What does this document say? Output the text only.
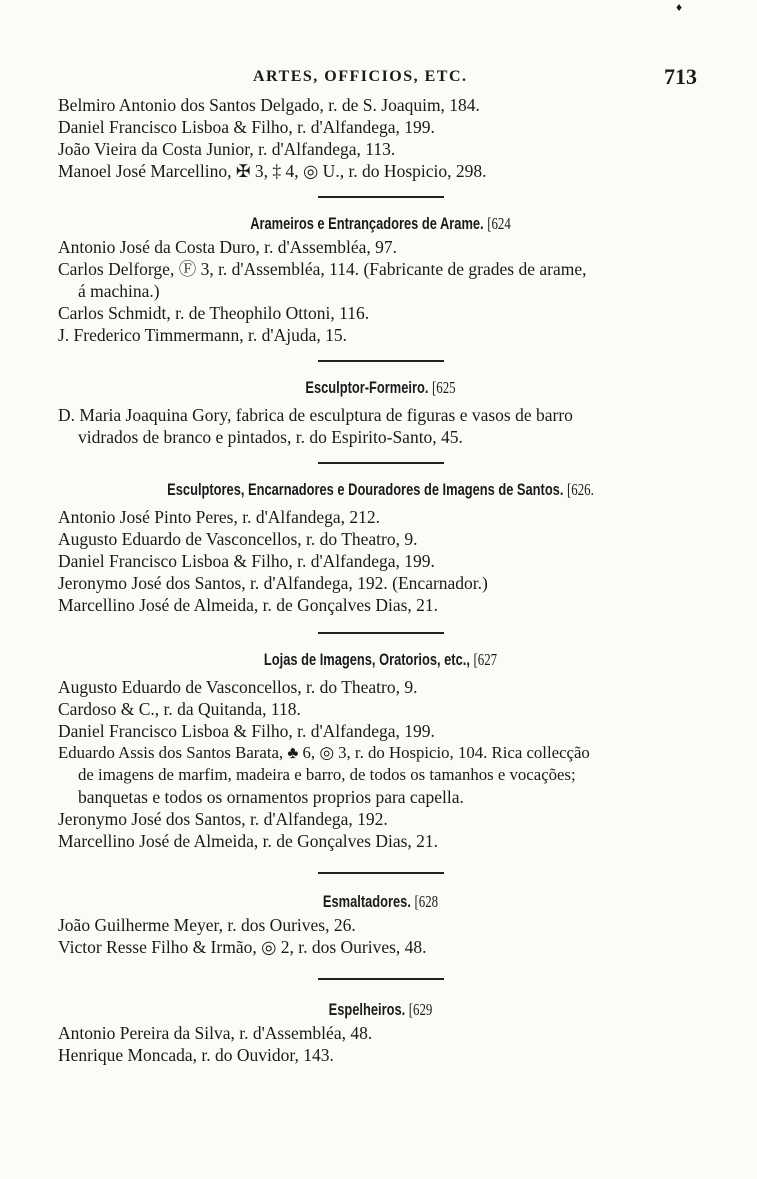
♦
ARTES, OFFICIOS, ETC.	713
Belmiro Antonio dos Santos Delgado, r. de S. Joaquim, 184.
Daniel Francisco Lisboa & Filho, r. d'Alfandega, 199.
João Vieira da Costa Junior, r. d'Alfandega, 113.
Manoel José Marcellino, ✠ 3, ‡ 4, ◎ U., r. do Hospicio, 298.
Arameiros e Entrançadores de Arame. [624
Antonio José da Costa Duro, r. d'Assembléa, 97.
Carlos Delforge, Ⓕ 3, r. d'Assembléa, 114. (Fabricante de grades de arame,
á machina.)
Carlos Schmidt, r. de Theophilo Ottoni, 116.
J. Frederico Timmermann, r. d'Ajuda, 15.
Esculptor-Formeiro. [625
D. Maria Joaquina Gory, fabrica de esculptura de figuras e vasos de barro
vidrados de branco e pintados, r. do Espirito-Santo, 45.
Esculptores, Encarnadores e Douradores de Imagens de Santos. [626.
Antonio José Pinto Peres, r. d'Alfandega, 212.
Augusto Eduardo de Vasconcellos, r. do Theatro, 9.
Daniel Francisco Lisboa & Filho, r. d'Alfandega, 199.
Jeronymo José dos Santos, r. d'Alfandega, 192. (Encarnador.)
Marcellino José de Almeida, r. de Gonçalves Dias, 21.
Lojas de Imagens, Oratorios, etc., [627
Augusto Eduardo de Vasconcellos, r. do Theatro, 9.
Cardoso & C., r. da Quitanda, 118.
Daniel Francisco Lisboa & Filho, r. d'Alfandega, 199.
Eduardo Assis dos Santos Barata, ♣ 6, ◎ 3, r. do Hospicio, 104. Rica collecção
de imagens de marfim, madeira e barro, de todos os tamanhos e vocações;
banquetas e todos os ornamentos proprios para capella.
Jeronymo José dos Santos, r. d'Alfandega, 192.
Marcellino José de Almeida, r. de Gonçalves Dias, 21.
Esmaltadores. [628
João Guilherme Meyer, r. dos Ourives, 26.
Victor Resse Filho & Irmão, ◎ 2, r. dos Ourives, 48.
Espelheiros. [629
Antonio Pereira da Silva, r. d'Assembléa, 48.
Henrique Moncada, r. do Ouvidor, 143.
